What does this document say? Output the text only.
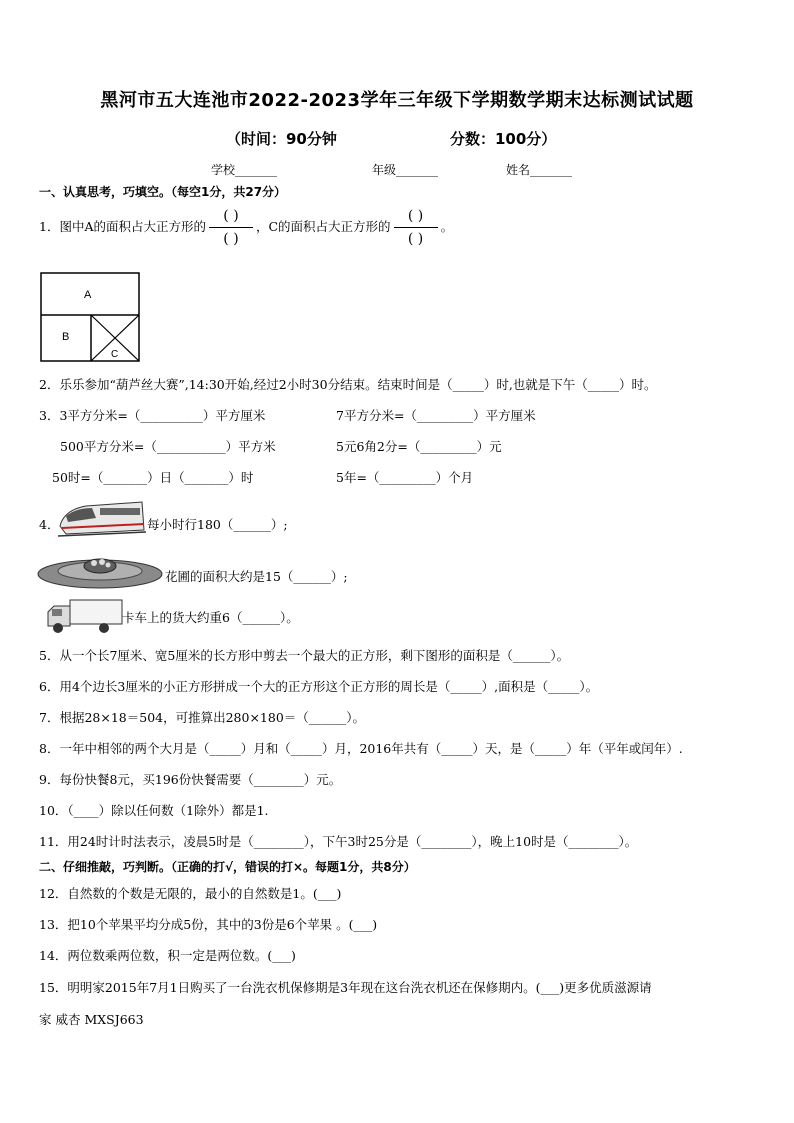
黑河市五大连池市2022-2023学年三年级下学期数学期末达标测试试题
（时间：90分钟	分数：100分）
学校_______	年级_______	姓名_______
一、认真思考，巧填空。（每空1分，共27分）
1．图中A的面积占大正方形的 $\frac{( )}{( )}$ ，C的面积占大正方形的 $\frac{( )}{( )}$ 。
A
B
C
2．乐乐参加“葫芦丝大赛”,14:30开始,经过2小时30分结束。结束时间是（_____）时,也就是下午（_____）时。
3．3平方分米=（__________）平方厘米	7平方分米=（_________）平方厘米
500平方分米=（___________）平方米	5元6角2分=（_________）元
50时=（_______）日（_______）时	5年=（_________）个月
4．	每小时行180（______）;
花圃的面积大约是15（______）;
卡车上的货大约重6（______）。
5．从一个长7厘米、宽5厘米的长方形中剪去一个最大的正方形，剩下图形的面积是（______）。
6．用4个边长3厘米的小正方形拼成一个大的正方形这个正方形的周长是（_____）,面积是（_____）。
7．根据28×18＝504，可推算出280×180＝（______）。
8．一年中相邻的两个大月是（_____）月和（_____）月，2016年共有（_____）天，是（_____）年（平年或闰年）.
9．每份快餐8元，买196份快餐需要（________）元。
10．（____）除以任何数（1除外）都是1.
11．用24时计时法表示，凌晨5时是（________），下午3时25分是（________），晚上10时是（________）。
二、仔细推敲，巧判断。（正确的打√，错误的打×。每题1分，共8分）
12．自然数的个数是无限的，最小的自然数是1。(___)
13．把10个苹果平均分成5份，其中的3份是6个苹果 。(___)
14．两位数乘两位数，积一定是两位数。(___)
15．明明家2015年7月1日购买了一台洗衣机保修期是3年现在这台洗衣机还在保修期内。(___)更多优质滋源请
家 威杏 MXSJ663
